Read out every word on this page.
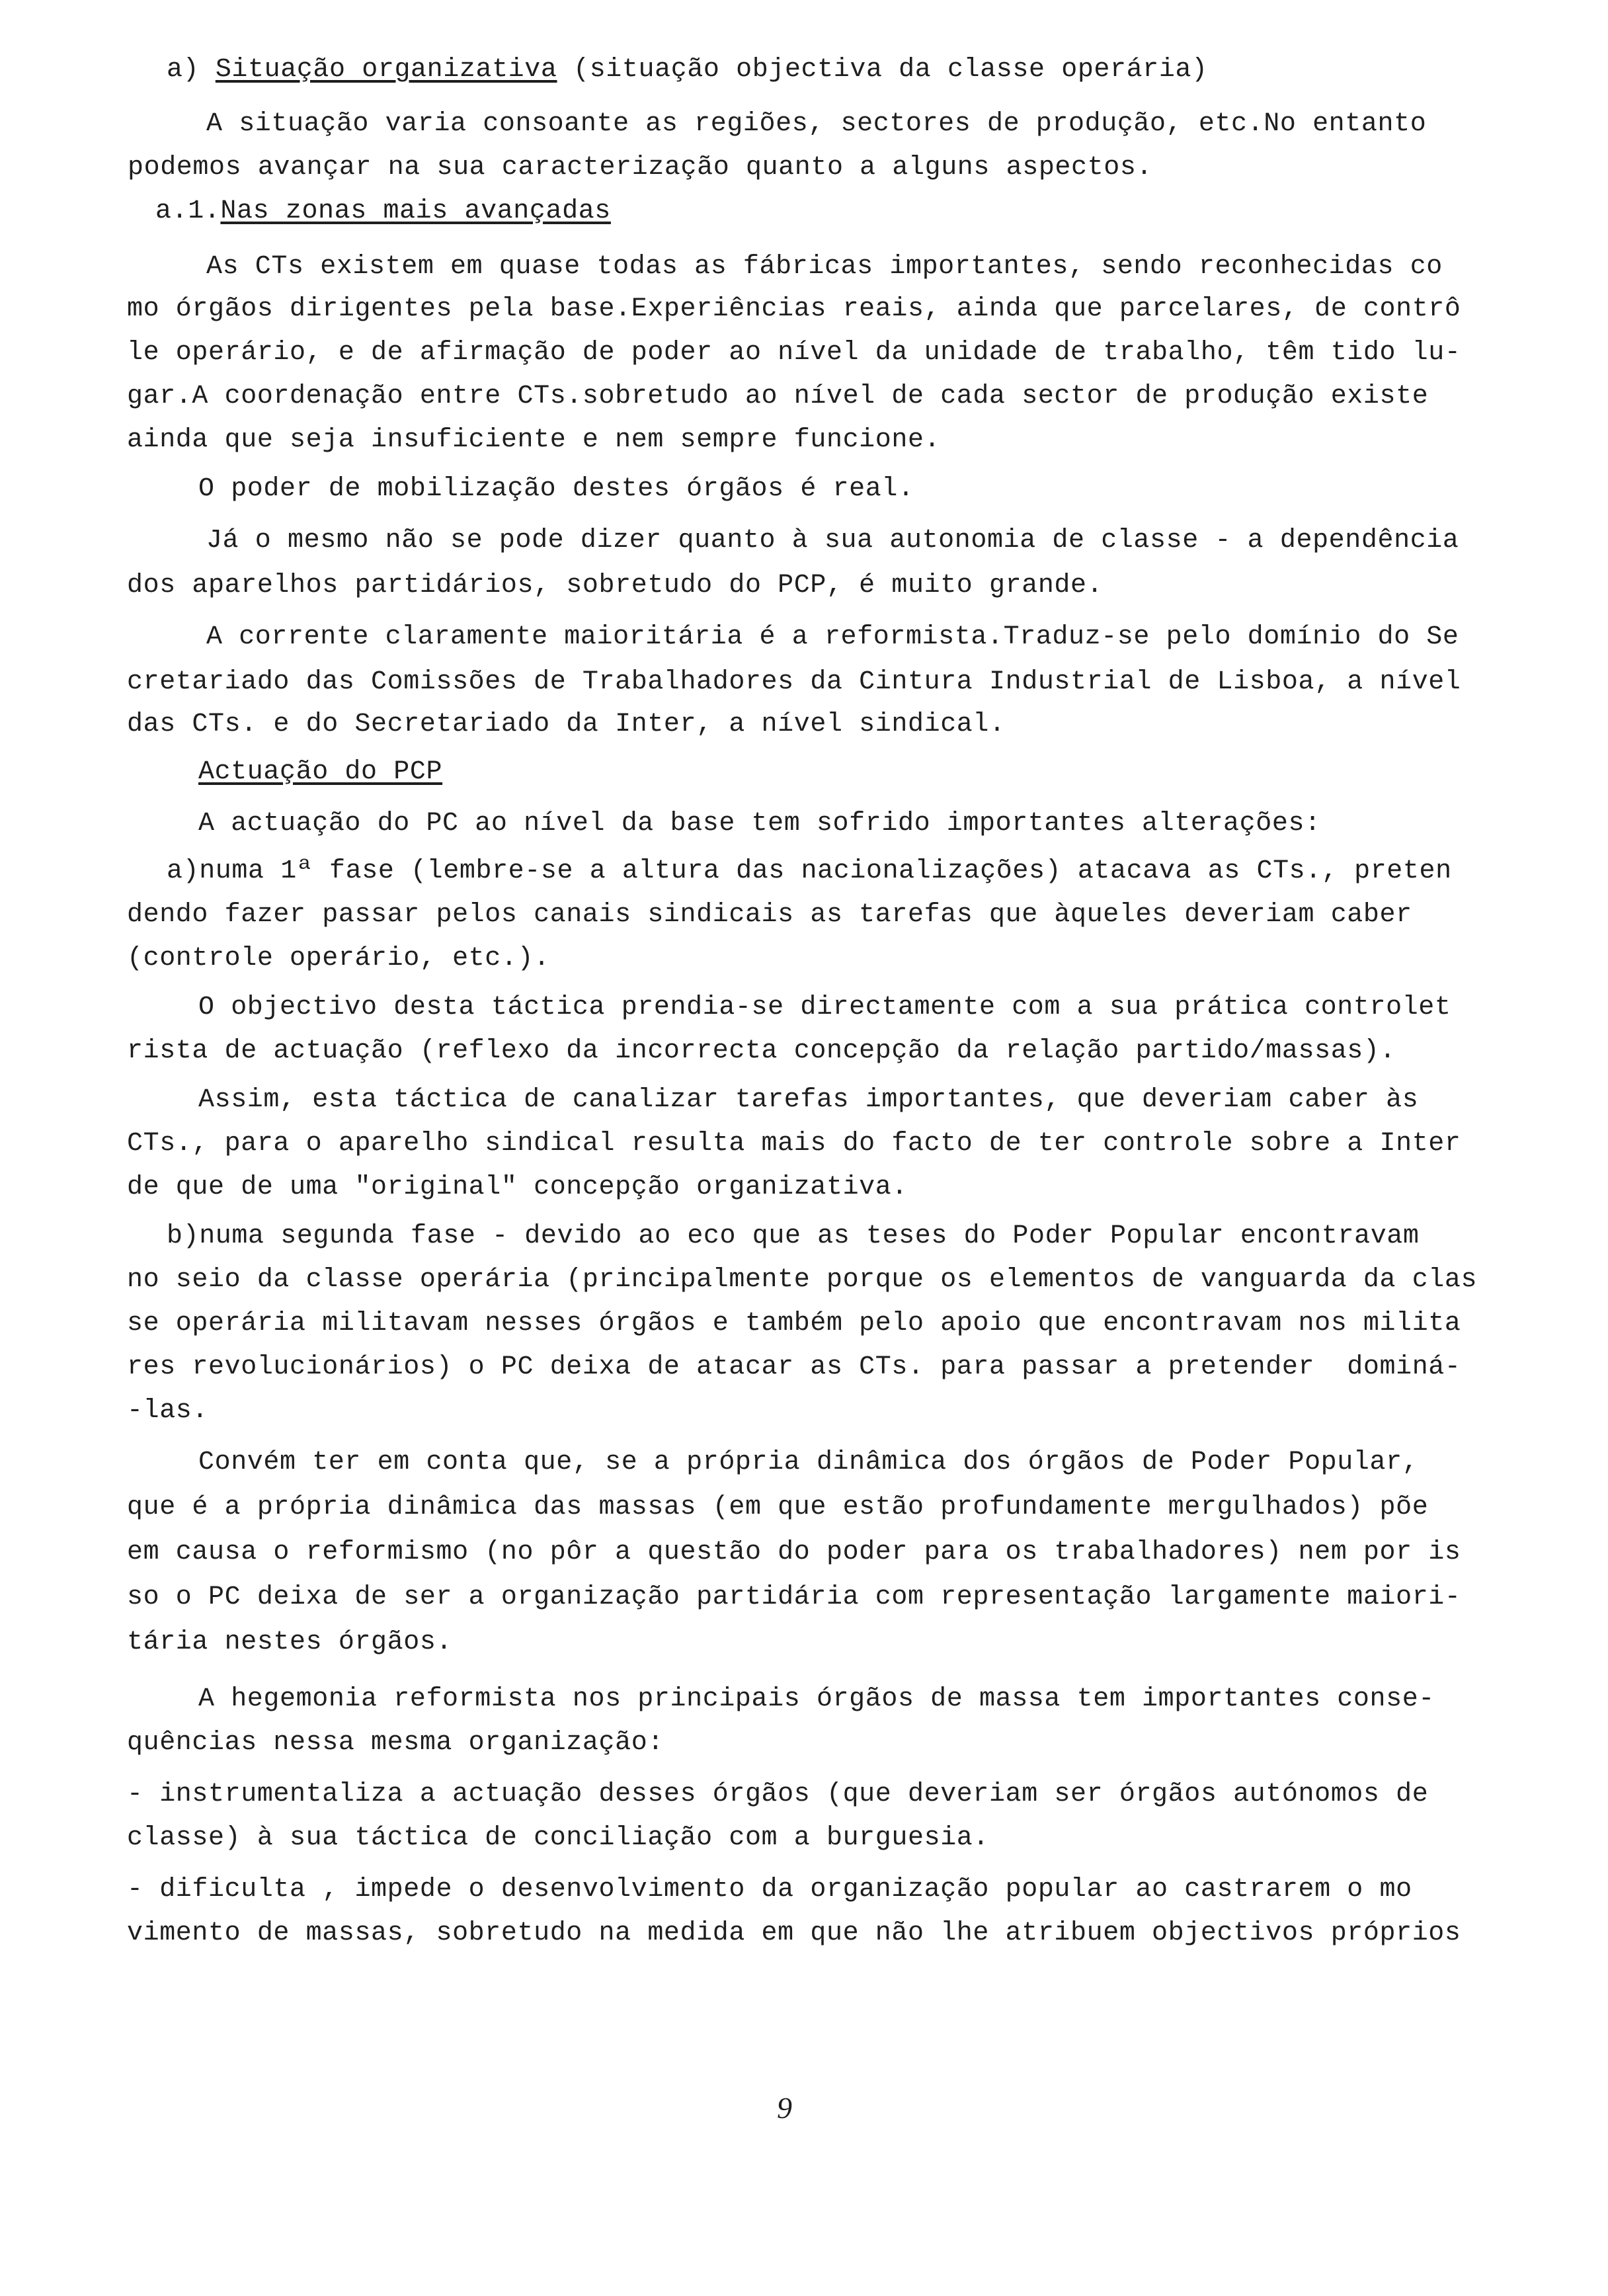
a) Situação organizativa (situação objectiva da classe operária)
A situação varia consoante as regiões, sectores de produção, etc.No entanto
podemos avançar na sua caracterização quanto a alguns aspectos.
a.1.Nas zonas mais avançadas
As CTs existem em quase todas as fábricas importantes, sendo reconhecidas co
mo órgãos dirigentes pela base.Experiências reais, ainda que parcelares, de contrô
le operário, e de afirmação de poder ao nível da unidade de trabalho, têm tido lu-
gar.A coordenação entre CTs.sobretudo ao nível de cada sector de produção existe
ainda que seja insuficiente e nem sempre funcione.
O poder de mobilização destes órgãos é real.
Já o mesmo não se pode dizer quanto à sua autonomia de classe - a dependência
dos aparelhos partidários, sobretudo do PCP, é muito grande.
A corrente claramente maioritária é a reformista.Traduz-se pelo domínio do Se
cretariado das Comissões de Trabalhadores da Cintura Industrial de Lisboa, a nível
das CTs. e do Secretariado da Inter, a nível sindical.
Actuação do PCP
A actuação do PC ao nível da base tem sofrido importantes alterações:
a)numa 1ª fase (lembre-se a altura das nacionalizações) atacava as CTs., preten
dendo fazer passar pelos canais sindicais as tarefas que àqueles deveriam caber
(controle operário, etc.).
O objectivo desta táctica prendia-se directamente com a sua prática controlet
rista de actuação (reflexo da incorrecta concepção da relação partido/massas).
Assim, esta táctica de canalizar tarefas importantes, que deveriam caber às
CTs., para o aparelho sindical resulta mais do facto de ter controle sobre a Inter
de que de uma "original" concepção organizativa.
b)numa segunda fase - devido ao eco que as teses do Poder Popular encontravam
no seio da classe operária (principalmente porque os elementos de vanguarda da clas
se operária militavam nesses órgãos e também pelo apoio que encontravam nos milita
res revolucionários) o PC deixa de atacar as CTs. para passar a pretender  dominá-
-las.
Convém ter em conta que, se a própria dinâmica dos órgãos de Poder Popular,
que é a própria dinâmica das massas (em que estão profundamente mergulhados) põe
em causa o reformismo (no pôr a questão do poder para os trabalhadores) nem por is
so o PC deixa de ser a organização partidária com representação largamente maiori-
tária nestes órgãos.
A hegemonia reformista nos principais órgãos de massa tem importantes conse-
quências nessa mesma organização:
- instrumentaliza a actuação desses órgãos (que deveriam ser órgãos autónomos de
classe) à sua táctica de conciliação com a burguesia.
- dificulta , impede o desenvolvimento da organização popular ao castrarem o mo
vimento de massas, sobretudo na medida em que não lhe atribuem objectivos próprios
9
